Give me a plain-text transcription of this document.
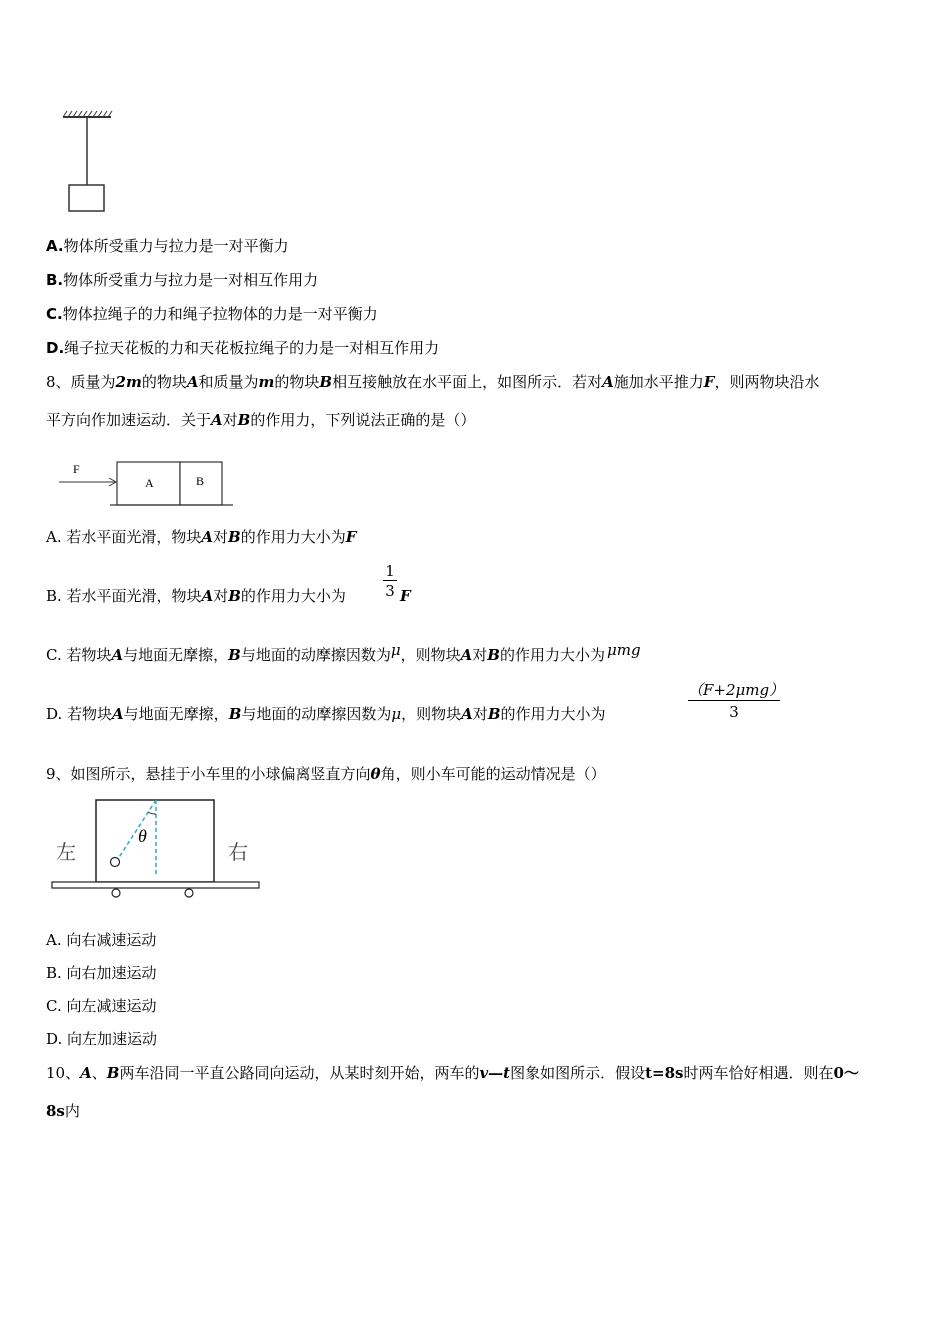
A.物体所受重力与拉力是一对平衡力
B.物体所受重力与拉力是一对相互作用力
C.物体拉绳子的力和绳子拉物体的力是一对平衡力
D.绳子拉天花板的力和天花板拉绳子的力是一对相互作用力
8、质量为2m的物块A和质量为m的物块B相互接触放在水平面上，如图所示．若对A施加水平推力F，则两物块沿水
平方向作加速运动．关于A对B的作用力，下列说法正确的是（）
F
A	B
A. 若水平面光滑，物块A对B的作用力大小为F
B. 若水平面光滑，物块A对B的作用力大小为 $\frac{1}{3}$ F
C. 若物块A与地面无摩擦，B与地面的动摩擦因数为μ，则物块A对B的作用力大小为 μmg
D. 若物块A与地面无摩擦，B与地面的动摩擦因数为μ，则物块A对B的作用力大小为
（F+2μmg）
3
9、如图所示，悬挂于小车里的小球偏离竖直方向θ角，则小车可能的运动情况是（）
θ
左	右
A. 向右减速运动
B. 向右加速运动
C. 向左减速运动
D. 向左加速运动
10、A、B两车沿同一平直公路同向运动，从某时刻开始，两车的v—t图象如图所示．假设t=8s时两车恰好相遇．则在0～
8s内
